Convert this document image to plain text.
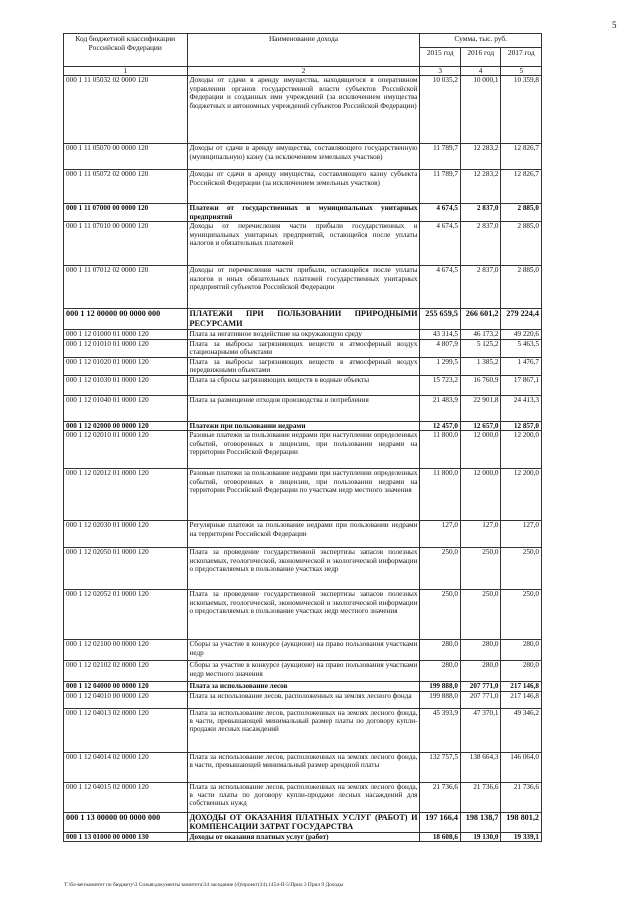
5
Код бюджетной классификации Российской Федерации	Наименование дохода	Сумма, тыс. руб.		
		2015 год	2016 год	2017 год
1	2	3	4	5
000 1 11 05032 02 0000 120	Доходы от сдачи в аренду имущества, находящегося в оперативном управлении органов государственной власти субъектов Российской Федерации и созданных ими учреждений (за исключением имущества бюджетных и автономных учреждений субъектов Российской Федерации)	10 035,2	10 000,1	10 359,8
000 1 11 05070 00 0000 120	Доходы от сдачи в аренду имущества, составляющего государственную (муниципальную) казну (за исключением земельных участков)	11 789,7	12 283,2	12 826,7
000 1 11 05072 02 0000 120	Доходы от сдачи в аренду имущества, составляющего казну субъекта Российской Федерации (за исключением земельных участков)	11 789,7	12 283,2	12 826,7
000 1 11 07000 00 0000 120	Платежи от государственных и муниципальных унитарных предприятий	4 674,5	2 837,0	2 885,0
000 1 11 07010 00 0000 120	Доходы от перечисления части прибыли государственных и муниципальных унитарных предприятий, остающейся после уплаты налогов и обязательных платежей	4 674,5	2 837,0	2 885,0
000 1 11 07012 02 0000 120	Доходы от перечисления части прибыли, остающейся после уплаты налогов и иных обязательных платежей государственных унитарных предприятий субъектов Российской Федерации	4 674,5	2 837,0	2 885,0
000 1 12 00000 00 0000 000	ПЛАТЕЖИ ПРИ ПОЛЬЗОВАНИИ ПРИРОДНЫМИ РЕСУРСАМИ	255 659,5	266 601,2	279 224,4
000 1 12 01000 01 0000 120	Плата за негативное воздействие на окружающую среду	43 314,5	46 173,2	49 220,6
000 1 12 01010 01 0000 120	Плата за выбросы загрязняющих веществ в атмосферный воздух стационарными объектами	4 807,9	5 125,2	5 463,5
000 1 12 01020 01 0000 120	Плата за выбросы загрязняющих веществ в атмосферный воздух передвижными объектами	1 299,5	1 385,2	1 476,7
000 1 12 01030 01 0000 120	Плата за сбросы загрязняющих веществ в водные объекты	15 723,2	16 760,9	17 867,1
000 1 12 01040 01 0000 120	Плата за размещение отходов производства и потребления	21 483,9	22 901,8	24 413,3
000 1 12 02000 00 0000 120	Платежи при пользовании недрами	12 457,0	12 657,0	12 857,0
000 1 12 02010 01 0000 120	Разовые платежи за пользование недрами при наступлении определенных событий, оговоренных в лицензии, при пользовании недрами на территории Российской Федерации	11 800,0	12 000,0	12 200,0
000 1 12 02012 01 0000 120	Разовые платежи за пользование недрами при наступлении определенных событий, оговоренных в лицензии, при пользовании недрами на территории Российской Федерации по участкам недр местного значения	11 800,0	12 000,0	12 200,0
000 1 12 02030 01 0000 120	Регулярные платежи за пользование недрами при пользовании недрами на территории Российской Федерации	127,0	127,0	127,0
000 1 12 02050 01 0000 120	Плата за проведение государственной экспертизы запасов полезных ископаемых, геологической, экономической и экологической информации о предоставляемых в пользование участках недр	250,0	250,0	250,0
000 1 12 02052 01 0000 120	Плата за проведение государственной экспертизы запасов полезных ископаемых, геологической, экономической и экологической информации о предоставляемых в пользование участках недр местного значения	250,0	250,0	250,0
000 1 12 02100 00 0000 120	Сборы за участие в конкурсе (аукционе) на право пользования участками недр	280,0	280,0	280,0
000 1 12 02102 02 0000 120	Сборы за участие в конкурсе (аукционе) на право пользования участками недр местного значения	280,0	280,0	280,0
000 1 12 04000 00 0000 120	Плата за использование лесов	199 888,0	207 771,0	217 146,8
000 1 12 04010 00 0000 120	Плата за использование лесов, расположенных на землях лесного фонда	199 888,0	207 771,0	217 146,8
000 1 12 04013 02 0000 120	Плата за использование лесов, расположенных на землях лесного фонда, в части, превышающей минимальный размер платы по договору купли-продажи лесных насаждений	45 393,9	47 370,1	49 346,2
000 1 12 04014 02 0000 120	Плата за использование лесов, расположенных на землях лесного фонда, в части, превышающей минимальный размер арендной платы	132 757,5	138 664,3	146 064,0
000 1 12 04015 02 0000 120	Плата за использование лесов, расположенных на землях лесного фонда, в части платы по договору купли-продажи лесных насаждений для собственных нужд	21 736,6	21 736,6	21 736,6
000 1 13 00000 00 0000 000	ДОХОДЫ ОТ ОКАЗАНИЯ ПЛАТНЫХ УСЛУГ (РАБОТ) И КОМПЕНСАЦИИ ЗАТРАТ ГОСУДАРСТВА	197 166,4	198 138,7	198 801,2
000 1 13 01000 00 0000 130	Доходы от оказания платных услуг (работ)	18 608,6	19 130,0	19 339,1
Т:\бл-веч\комитет по бюджету\3 Созыв\документы комитета\34 заседание (4)\проект(34).1454-II-5\Прил 3 Прил 9 Доходы
